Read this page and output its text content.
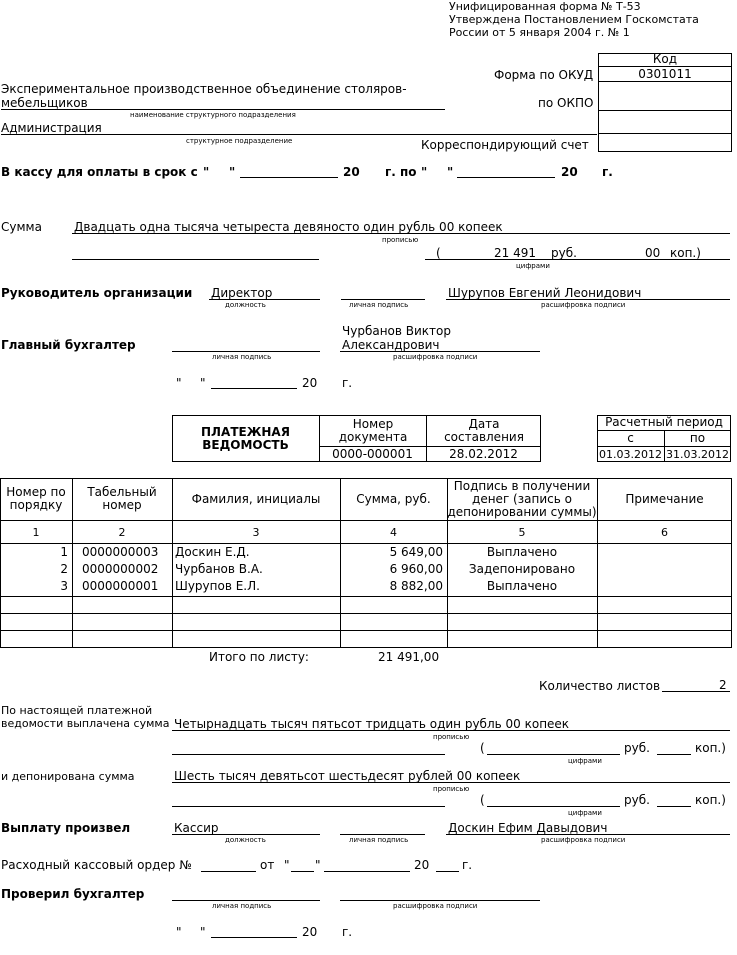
Унифицированная форма № Т-53
Утверждена Постановлением Госкомстата
России от 5 января 2004 г. № 1
Код
0301011
Форма по ОКУД
по ОКПО
Корреспондирующий счет
Экспериментальное производственное объединение столяров-
мебельщиков
наименование структурного подразделения
Администрация
структурное подразделение
В кассу для оплаты в срок с " "	20 г. по " "	20 г.
Сумма	Двадцать одна тысяча четыреста девяносто один рубль 00 копеек
прописью
(	21 491 руб.	00 коп.)
цифрами
Руководитель организации Директор
должность	личная подпись
Шурупов Евгений Леонидович
расшифровка подписи
Главный бухгалтер
Чурбанов Виктор
Александрович
личная подпись	расшифровка подписи
" "	20 г.
ПЛАТЕЖНАЯ
ВЕДОМОСТЬ
Номер документа
Дата составления
0000-000001	28.02.2012
Расчетный период
с	по
01.03.2012 31.03.2012
Номер по порядку
Табельный номер	Фамилия, инициалы	Сумма, руб.
Подпись в получении денег (запись о депонировании суммы)
Примечание
1	2	3	4	5	6
1	0000000003	Доскин Е.Д.	5 649,00	Выплачено
2	0000000002	Чурбанов В.А.	6 960,00	Задепонировано
3	0000000001	Шурупов Е.Л.	8 882,00	Выплачено
Итого по листу:	21 491,00
Количество листов	2
По настоящей платежной
ведомости выплачена сумма Четырнадцать тысяч пятьсот тридцать один рубль 00 копеек
прописью
(	руб.	коп.)
цифрами
и депонирована сумма	Шесть тысяч девятьсот шестьдесят рублей 00 копеек
прописью
(	руб.	коп.)
цифрами
Выплату произвел	Кассир
должность	личная подпись
Доскин Ефим Давыдович
расшифровка подписи
Расходный кассовый ордер №	от " "	20	г.
Проверил бухгалтер
личная подпись	расшифровка подписи
" "	20 г.
